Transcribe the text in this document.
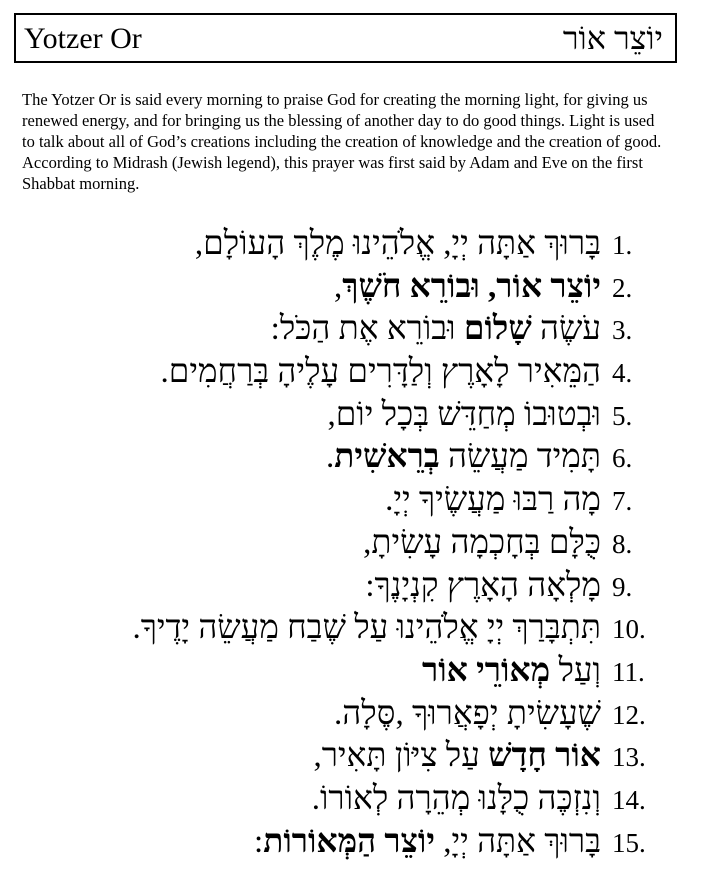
Yotzer Or	יוֹצֵר אוֹר

The Yotzer Or is said every morning to praise God for creating the morning light, for giving us renewed energy, and for bringing us the blessing of another day to do good things. Light is used to talk about all of God’s creations including the creation of knowledge and the creation of good. According to Midrash (Jewish legend), this prayer was first said by Adam and Eve on the first Shabbat morning.

בָּרוּךְ אַתָּה יְיָ, אֱלֹהֵינוּ מֶלֶךְ הָעוֹלָם, 1.
יוֹצֵר אוֹר, וּבוֹרֵא חֹשֶׁךְ,	2.
עֹשֶׂה שָׁלוֹם וּבוֹרֵא אֶת הַכֹּל:	3.
הַמֵּאִיר לָאָרֶץ וְלַדָּרִים עָלֶיהָ בְּרַחֲמִים. 4.
וּבְטוּבוֹ מְחַדֵּשׁ בְּכָל יוֹם, 5.
תָּמִיד מַעֲשֵׂה בְרֵאשִׁית.	6.
מָה רַבּוּ מַעֲשֶׂיךָ יְיָ. 7.
כֻּלָּם בְּחָכְמָה עָשִׂיתָ, 8.
מָלְאָה הָאָרֶץ קִנְיָנֶךָ: 9.
תִּתְבָּרַךְ יְיָ אֱלֹהֵינוּ עַל שֶׁבַח מַעֲשֵׂה יָדֶיךָ. 10.
וְעַל מְאוֹרֵי אוֹר	11.
שֶׁעָשִׂיתָ יְפָאֲרוּךָ ,סֶּלָה. 12.
אוֹר חָדָשׁ עַל צִיּוֹן תָּאִיר,	13.
וְנִזְכֶּה כֻלָּנוּ מְהֵרָה לְאוֹרוֹ. 14.
בָּרוּךְ אַתָּה יְיָ, יוֹצֵר הַמְּאוֹרוֹת:	15.
